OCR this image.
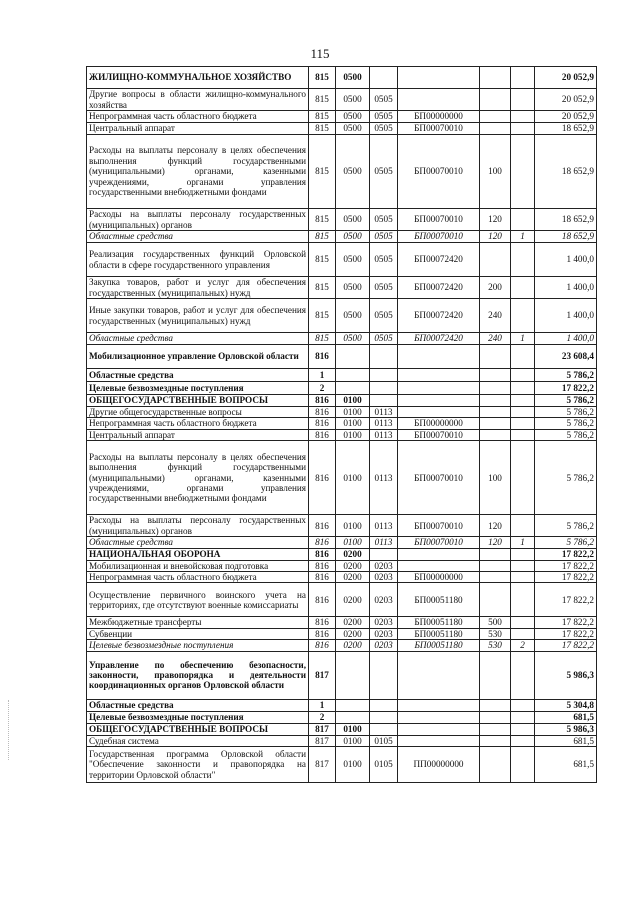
115
ЖИЛИЩНО-КОММУНАЛЬНОЕ ХОЗЯЙСТВО	815	0500					20 052,9
Другие вопросы в области жилищно-коммунального хозяйства	815	0500	0505				20 052,9
Непрограммная часть областного бюджета	815	0500	0505	БП00000000			20 052,9
Центральный аппарат	815	0500	0505	БП00070010			18 652,9
Расходы на выплаты персоналу в целях обеспечения выполнения функций государственными (муниципальными) органами, казенными учреждениями, органами управления государственными внебюджетными фондами	815	0500	0505	БП00070010	100		18 652,9
Расходы на выплаты персоналу государственных (муниципальных) органов	815	0500	0505	БП00070010	120		18 652,9
Областные средства	815	0500	0505	БП00070010	120	1	18 652,9
Реализация государственных функций Орловской области в сфере государственного управления	815	0500	0505	БП00072420			1 400,0
Закупка товаров, работ и услуг для обеспечения государственных (муниципальных) нужд	815	0500	0505	БП00072420	200		1 400,0
Иные закупки товаров, работ и услуг для обеспечения государственных (муниципальных) нужд	815	0500	0505	БП00072420	240		1 400,0
Областные средства	815	0500	0505	БП00072420	240	1	1 400,0
Мобилизационное управление Орловской области	816						23 608,4
Областные средства	1						5 786,2
Целевые безвозмездные поступления	2						17 822,2
ОБЩЕГОСУДАРСТВЕННЫЕ ВОПРОСЫ	816	0100					5 786,2
Другие общегосударственные вопросы	816	0100	0113				5 786,2
Непрограммная часть областного бюджета	816	0100	0113	БП00000000			5 786,2
Центральный аппарат	816	0100	0113	БП00070010			5 786,2
Расходы на выплаты персоналу в целях обеспечения выполнения функций государственными (муниципальными) органами, казенными учреждениями, органами управления государственными внебюджетными фондами	816	0100	0113	БП00070010	100		5 786,2
Расходы на выплаты персоналу государственных (муниципальных) органов	816	0100	0113	БП00070010	120		5 786,2
Областные средства	816	0100	0113	БП00070010	120	1	5 786,2
НАЦИОНАЛЬНАЯ ОБОРОНА	816	0200					17 822,2
Мобилизационная и вневойсковая подготовка	816	0200	0203				17 822,2
Непрограммная часть областного бюджета	816	0200	0203	БП00000000			17 822,2
Осуществление первичного воинского учета на территориях, где отсутствуют военные комиссариаты	816	0200	0203	БП00051180			17 822,2
Межбюджетные трансферты	816	0200	0203	БП00051180	500		17 822,2
Субвенции	816	0200	0203	БП00051180	530		17 822,2
Целевые безвозмездные поступления	816	0200	0203	БП00051180	530	2	17 822,2
Управление по обеспечению безопасности, законности, правопорядка и деятельности координационных органов Орловской области	817						5 986,3
Областные средства	1						5 304,8
Целевые безвозмездные поступления	2						681,5
ОБЩЕГОСУДАРСТВЕННЫЕ ВОПРОСЫ	817	0100					5 986,3
Судебная система	817	0100	0105				681,5
Государственная программа Орловской области "Обеспечение законности и правопорядка на территории Орловской области"	817	0100	0105	ПП00000000			681,5
